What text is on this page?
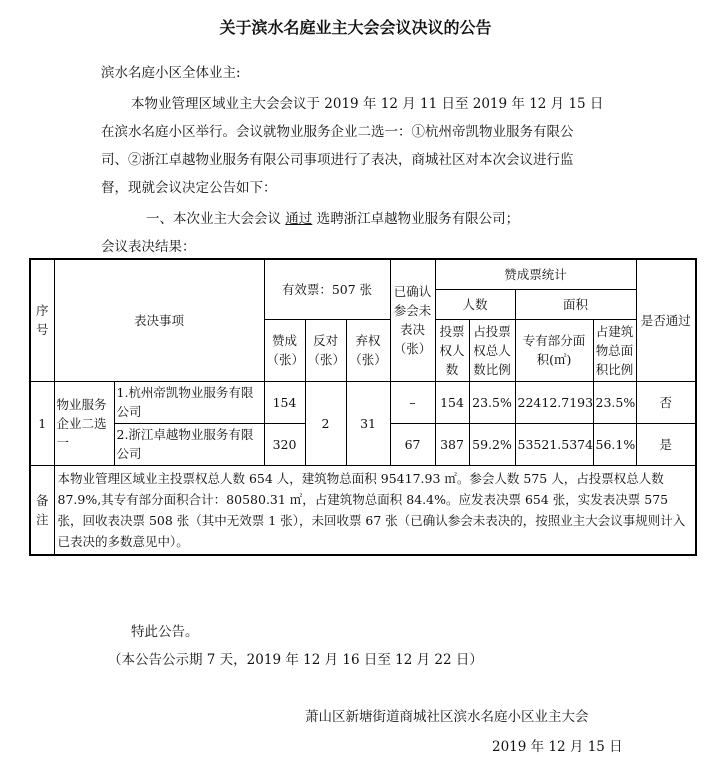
关于滨水名庭业主大会会议决议的公告
滨水名庭小区全体业主:
本物业管理区域业主大会会议于 2019 年 12 月 11 日至 2019 年 12 月 15 日
在滨水名庭小区举行。会议就物业服务企业二选一：①杭州帝凯物业服务有限公
司、②浙江卓越物业服务有限公司事项进行了表决，商城社区对本次会议进行监
督，现就会议决定公告如下：
一、本次业主大会会议 通过 选聘浙江卓越物业服务有限公司；
会议表决结果：
序号	表决事项		有效票：507 张			已确认参会未表决（张）	赞成票统计				是否通过
							人数		面积		
			赞成（张）	反对（张）	弃权（张）		投票权人数	占投票权总人数比例	专有部分面积(㎡)	占建筑物总面积比例	
1	物业服务企业二选一	1.杭州帝凯物业服务有限公司	154	2	31	–	154	23.5%	22412.7193	23.5%	否
		2.浙江卓越物业服务有限公司	320			67	387	59.2%	53521.5374	56.1%	是
备注	本物业管理区域业主投票权总人数 654 人，建筑物总面积 95417.93 ㎡。参会人数 575 人，占投票权总人数 87.9%,其专有部分面积合计：80580.31 ㎡，占建筑物总面积 84.4%。应发表决票 654 张，实发表决票 575 张，回收表决票 508 张（其中无效票 1 张），未回收票 67 张（已确认参会未表决的，按照业主大会议事规则计入已表决的多数意见中）。										
特此公告。
（本公告公示期 7 天，2019 年 12 月 16 日至 12 月 22 日）
萧山区新塘街道商城社区滨水名庭小区业主大会
2019 年 12 月 15 日
